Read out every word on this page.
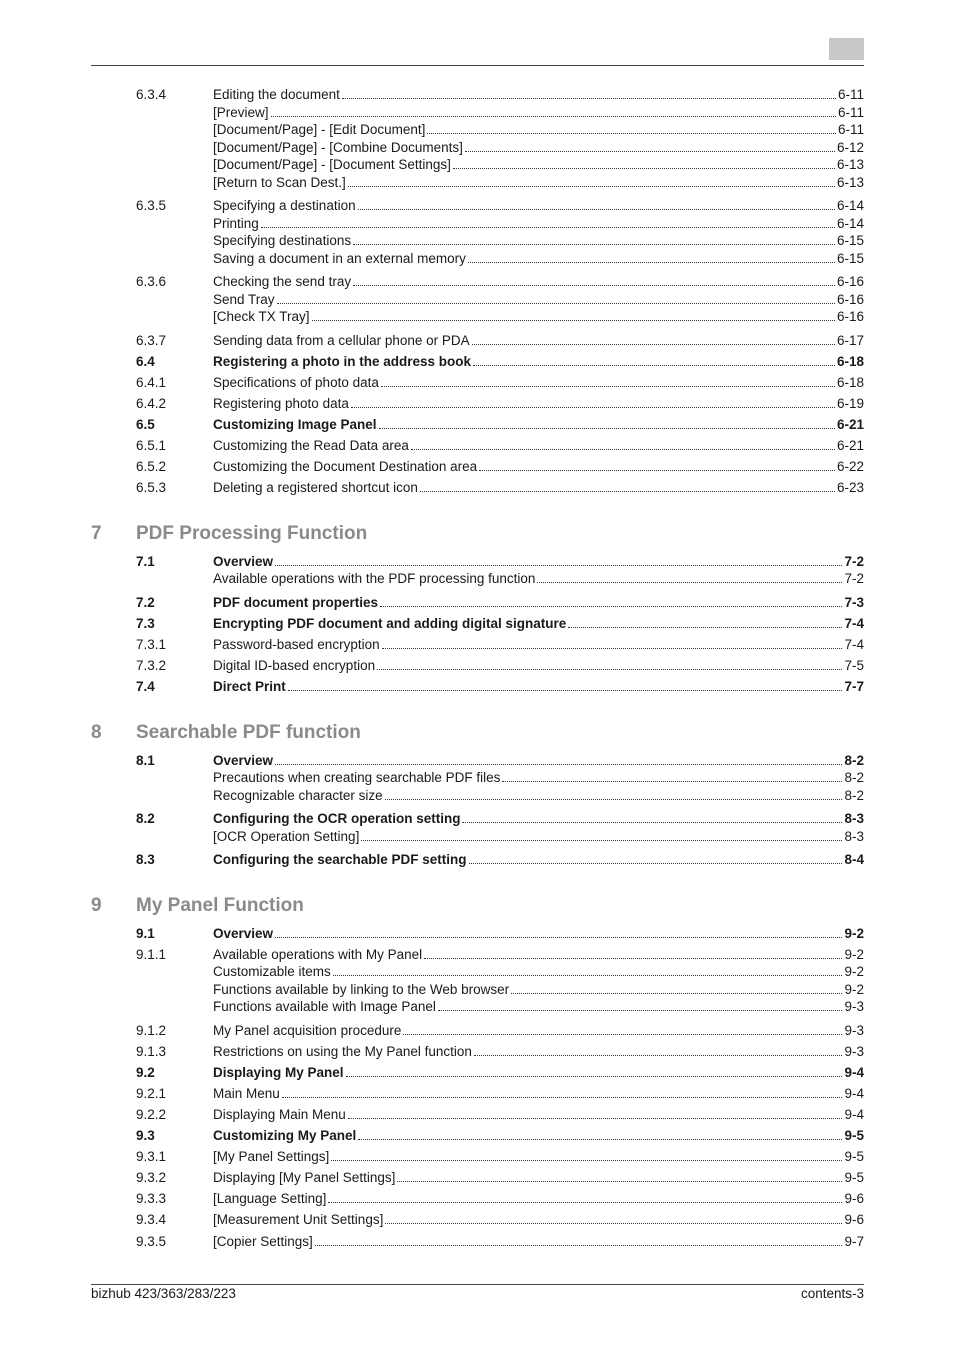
6.3.4	Editing the document	6-11
[Preview]	6-11
[Document/Page] - [Edit Document]	6-11
[Document/Page] - [Combine Documents]	6-12
[Document/Page] - [Document Settings]	6-13
[Return to Scan Dest.]	6-13
6.3.5	Specifying a destination	6-14
Printing	6-14
Specifying destinations	6-15
Saving a document in an external memory	6-15
6.3.6	Checking the send tray	6-16
Send Tray	6-16
[Check TX Tray]	6-16
6.3.7	Sending data from a cellular phone or PDA	6-17
6.4	Registering a photo in the address book	6-18
6.4.1	Specifications of photo data	6-18
6.4.2	Registering photo data	6-19
6.5	Customizing Image Panel	6-21
6.5.1	Customizing the Read Data area	6-21
6.5.2	Customizing the Document Destination area	6-22
6.5.3	Deleting a registered shortcut icon	6-23
7 PDF Processing Function
7.1	Overview	7-2
Available operations with the PDF processing function	7-2
7.2	PDF document properties	7-3
7.3	Encrypting PDF document and adding digital signature	7-4
7.3.1	Password-based encryption	7-4
7.3.2	Digital ID-based encryption	7-5
7.4	Direct Print	7-7
8 Searchable PDF function
8.1	Overview	8-2
Precautions when creating searchable PDF files	8-2
Recognizable character size	8-2
8.2	Configuring the OCR operation setting	8-3
[OCR Operation Setting]	8-3
8.3	Configuring the searchable PDF setting	8-4
9 My Panel Function
9.1	Overview	9-2
9.1.1	Available operations with My Panel	9-2
Customizable items	9-2
Functions available by linking to the Web browser	9-2
Functions available with Image Panel	9-3
9.1.2	My Panel acquisition procedure	9-3
9.1.3	Restrictions on using the My Panel function	9-3
9.2	Displaying My Panel	9-4
9.2.1	Main Menu	9-4
9.2.2	Displaying Main Menu	9-4
9.3	Customizing My Panel	9-5
9.3.1	[My Panel Settings]	9-5
9.3.2	Displaying [My Panel Settings]	9-5
9.3.3	[Language Setting]	9-6
9.3.4	[Measurement Unit Settings]	9-6
9.3.5	[Copier Settings]	9-7
bizhub 423/363/283/223	contents-3
